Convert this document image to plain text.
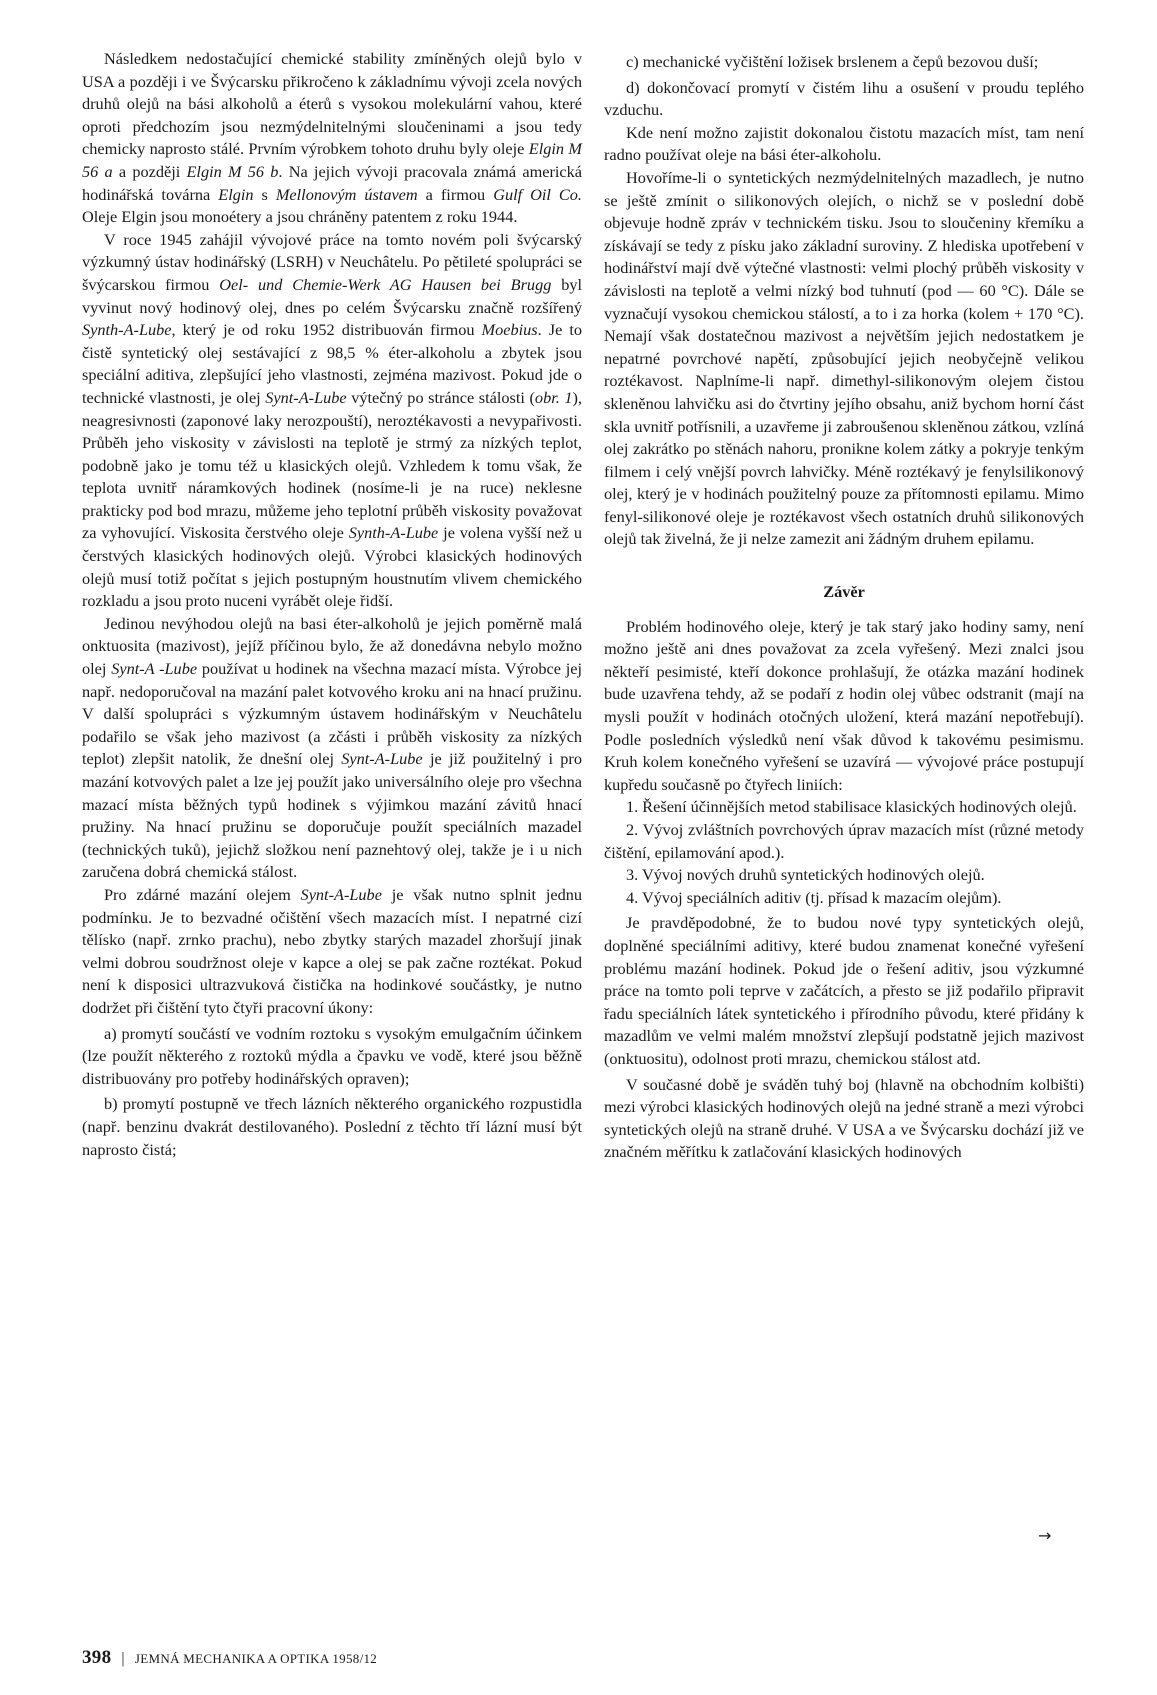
Následkem nedostačující chemické stability zmíněných olejů bylo v USA a později i ve Švýcarsku přikročeno k základnímu vývoji zcela nových druhů olejů na bási alkoholů a éterů s vysokou molekulární vahou, které oproti předchozím jsou nezmýdelnitelnými sloučeninami a jsou tedy chemicky naprosto stálé. Prvním výrobkem tohoto druhu byly oleje Elgin M 56 a a později Elgin M 56 b. Na jejich vývoji pracovala známá americká hodinářská továrna Elgin s Mellonovým ústavem a firmou Gulf Oil Co. Oleje Elgin jsou monoétery a jsou chráněny patentem z roku 1944.

V roce 1945 zahájil vývojové práce na tomto novém poli švýcarský výzkumný ústav hodinářský (LSRH) v Neuchâtelu. Po pětileté spolupráci se švýcarskou firmou Oel- und Chemie-Werk AG Hausen bei Brugg byl vyvinut nový hodinový olej, dnes po celém Švýcarsku značně rozšířený Synth-A-Lube, který je od roku 1952 distribuován firmou Moebius. Je to čistě syntetický olej sestávající z 98,5 % éter-alkoholu a zbytek jsou speciální aditiva, zlepšující jeho vlastnosti, zejména mazivost. Pokud jde o technické vlastnosti, je olej Synt-A-Lube výtečný po stránce stálosti (obr. 1), neagresivnosti (zaponové laky nerozpouští), neroztékavosti a nevypařivosti. Průběh jeho viskosity v závislosti na teplotě je strmý za nízkých teplot, podobně jako je tomu též u klasických olejů. Vzhledem k tomu však, že teplota uvnitř náramkových hodinek (nosíme-li je na ruce) neklesne prakticky pod bod mrazu, můžeme jeho teplotní průběh viskosity považovat za vyhovující. Viskosita čerstvého oleje Synth-A-Lube je volena vyšší než u čerstvých klasických hodinových olejů. Výrobci klasických hodinových olejů musí totiž počítat s jejich postupným houstnutím vlivem chemického rozkladu a jsou proto nuceni vyrábět oleje řidší.

Jedinou nevýhodou olejů na basi éter-alkoholů je jejich poměrně malá onktuosita (mazivost), jejíž příčinou bylo, že až donedávna nebylo možno olej Synt-A -Lube používat u hodinek na všechna mazací místa. Výrobce jej např. nedoporučoval na mazání palet kotvového kroku ani na hnací pružinu. V další spolupráci s výzkumným ústavem hodinářským v Neuchâtelu podařilo se však jeho mazivost (a zčásti i průběh viskosity za nízkých teplot) zlepšit natolik, že dnešní olej Synt-A-Lube je již použitelný i pro mazání kotvových palet a lze jej použít jako universálního oleje pro všechna mazací místa běžných typů hodinek s výjimkou mazání závitů hnací pružiny. Na hnací pružinu se doporučuje použít speciálních mazadel (technických tuků), jejichž složkou není paznehtový olej, takže je i u nich zaručena dobrá chemická stálost.

Pro zdárné mazání olejem Synt-A-Lube je však nutno splnit jednu podmínku. Je to bezvadné očištění všech mazacích míst. I nepatrné cizí tělísko (např. zrnko prachu), nebo zbytky starých mazadel zhoršují jinak velmi dobrou soudržnost oleje v kapce a olej se pak začne roztékat. Pokud není k disposici ultrazvuková čistička na hodinkové součástky, je nutno dodržet při čištění tyto čtyři pracovní úkony:

a) promytí součástí ve vodním roztoku s vysokým emulgačním účinkem (lze použít některého z roztoků mýdla a čpavku ve vodě, které jsou běžně distribuovány pro potřeby hodinářských opraven);

b) promytí postupně ve třech lázních některého organického rozpustidla (např. benzinu dvakrát destilovaného). Poslední z těchto tří lázní musí být naprosto čistá;

c) mechanické vyčištění ložisek brslenem a čepů bezovou duší;

d) dokončovací promytí v čistém lihu a osušení v proudu teplého vzduchu.

Kde není možno zajistit dokonalou čistotu mazacích míst, tam není radno používat oleje na bási éter-alkoholu.

Hovoříme-li o syntetických nezmýdelnitelných mazadlech, je nutno se ještě zmínit o silikonových olejích, o nichž se v poslední době objevuje hodně zpráv v technickém tisku. Jsou to sloučeniny křemíku a získávají se tedy z písku jako základní suroviny. Z hlediska upotřebení v hodinářství mají dvě výtečné vlastnosti: velmi plochý průběh viskosity v závislosti na teplotě a velmi nízký bod tuhnutí (pod — 60 °C). Dále se vyznačují vysokou chemickou stálostí, a to i za horka (kolem + 170 °C). Nemají však dostatečnou mazivost a největším jejich nedostatkem je nepatrné povrchové napětí, způsobující jejich neobyčejně velikou roztékavost. Naplníme-li např. dimethyl-silikonovým olejem čistou skleněnou lahvičku asi do čtvrtiny jejího obsahu, aniž bychom horní část skla uvnitř potřísnili, a uzavřeme ji zabroušenou skleněnou zátkou, vzlíná olej zakrátko po stěnách nahoru, pronikne kolem zátky a pokryje tenkým filmem i celý vnější povrch lahvičky. Méně roztékavý je fenylsilikonový olej, který je v hodinách použitelný pouze za přítomnosti epilamu. Mimo fenyl-silikonové oleje je roztékavost všech ostatních druhů silikonových olejů tak živelná, že ji nelze zamezit ani žádným druhem epilamu.

Závěr

Problém hodinového oleje, který je tak starý jako hodiny samy, není možno ještě ani dnes považovat za zcela vyřešený. Mezi znalci jsou někteří pesimisté, kteří dokonce prohlašují, že otázka mazání hodinek bude uzavřena tehdy, až se podaří z hodin olej vůbec odstranit (mají na mysli použít v hodinách otočných uložení, která mazání nepotřebují). Podle posledních výsledků není však důvod k takovému pesimismu. Kruh kolem konečného vyřešení se uzavírá — vývojové práce postupují kupředu současně po čtyřech liniích:

1. Řešení účinnějších metod stabilisace klasických hodinových olejů.

2. Vývoj zvláštních povrchových úprav mazacích míst (různé metody čištění, epilamování apod.).

3. Vývoj nových druhů syntetických hodinových olejů.

4. Vývoj speciálních aditiv (tj. přísad k mazacím olejům).

Je pravděpodobné, že to budou nové typy syntetických olejů, doplněné speciálními aditivy, které budou znamenat konečné vyřešení problému mazání hodinek. Pokud jde o řešení aditiv, jsou výzkumné práce na tomto poli teprve v začátcích, a přesto se již podařilo připravit řadu speciálních látek syntetického i přírodního původu, které přidány k mazadlům ve velmi malém množství zlepšují podstatně jejich mazivost (onktuositu), odolnost proti mrazu, chemickou stálost atd.

V současné době je sváděn tuhý boj (hlavně na obchodním kolbišti) mezi výrobci klasických hodinových olejů na jedné straně a mezi výrobci syntetických olejů na straně druhé. V USA a ve Švýcarsku dochází již ve značném měřítku k zatlačování klasických hodinových

→
398 | JEMNÁ MECHANIKA A OPTIKA 1958/12
